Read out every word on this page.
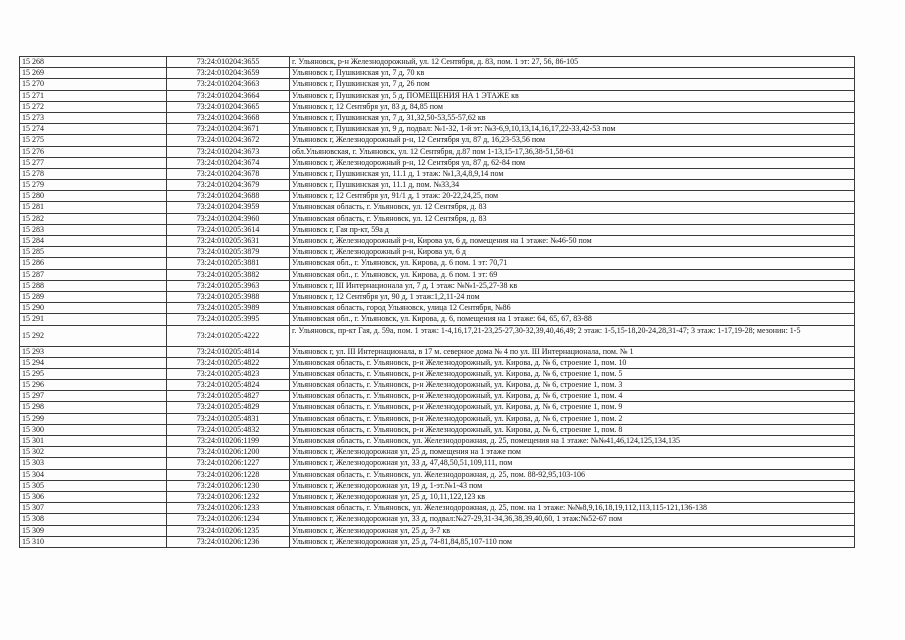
15 268	73:24:010204:3655	г. Ульяновск, р-н Железнодорожный, ул. 12 Сентября, д. 83, пом. 1 эт: 27, 56, 86-105
15 269	73:24:010204:3659	Ульяновск г, Пушкинская ул, 7 д, 70 кв
15 270	73:24:010204:3663	Ульяновск г, Пушкинская ул, 7 д, 26 пом
15 271	73:24:010204:3664	Ульяновск г, Пушкинская ул, 5 д, ПОМЕЩЕНИЯ НА 1 ЭТАЖЕ кв
15 272	73:24:010204:3665	Ульяновск г, 12 Сентября ул, 83 д, 84,85 пом
15 273	73:24:010204:3668	Ульяновск г, Пушкинская ул, 7 д, 31,32,50-53,55-57,62 кв
15 274	73:24:010204:3671	Ульяновск г, Пушкинская ул, 9 д, подвал: №1-32, 1-й эт: №3-6,9,10,13,14,16,17,22-33,42-53 пом
15 275	73:24:010204:3672	Ульяновск г, Железнодорожный р-н, 12 Сентября ул, 87 д, 16,23-53,56 пом
15 276	73:24:010204:3673	обл.Ульяновская, г. Ульяновск, ул. 12 Сентября, д.87 пом 1-13,15-17,36,38-51,58-61
15 277	73:24:010204:3674	Ульяновск г, Железнодорожный р-н, 12 Сентября ул, 87 д, 62-84 пом
15 278	73:24:010204:3678	Ульяновск г, Пушкинская ул, 11.1 д, 1 этаж: №1,3,4,8,9,14 пом
15 279	73:24:010204:3679	Ульяновск г, Пушкинская ул, 11.1 д, пом. №33,34
15 280	73:24:010204:3688	Ульяновск г, 12 Сентября ул, 91/1 д, 1 этаж: 20-22,24,25, пом
15 281	73:24:010204:3959	Ульяновская область, г. Ульяновск, ул. 12 Сентября, д. 83
15 282	73:24:010204:3960	Ульяновская область, г. Ульяновск, ул. 12 Сентября, д. 83
15 283	73:24:010205:3614	Ульяновск г, Гая пр-кт, 59а д
15 284	73:24:010205:3631	Ульяновск г, Железнодорожный р-н, Кирова ул, 6 д, помещения на 1 этаже: №46-50 пом
15 285	73:24:010205:3879	Ульяновск г, Железнодорожный р-н, Кирова ул, 6 д
15 286	73:24:010205:3881	Ульяновская обл., г. Ульяновск, ул. Кирова, д. 6 пом. 1 эт: 70,71
15 287	73:24:010205:3882	Ульяновская обл., г. Ульяновск, ул. Кирова, д. 6 пом. 1 эт: 69
15 288	73:24:010205:3963	Ульяновск г, III Интернационала ул, 7 д, 1 этаж: №№1-25,27-38 кв
15 289	73:24:010205:3988	Ульяновск г, 12 Сентября ул, 90 д, 1 этаж:1,2,11-24 пом
15 290	73:24:010205:3989	Ульяновская область, город Ульяновск, улица 12 Сентября, №86
15 291	73:24:010205:3995	Ульяновская обл., г. Ульяновск, ул. Кирова, д. 6, помещения на 1 этаже: 64, 65, 67, 83-88
15 292	73:24:010205:4222	г. Ульяновск, пр-кт Гая, д. 59а, пом. 1 этаж: 1-4,16,17,21-23,25-27,30-32,39,40,46,49; 2 этаж: 1-5,15-18,20-24,28,31-47; 3 этаж: 1-17,19-28; мезонин: 1-5
15 293	73:24:010205:4814	Ульяновск г, ул. III Интернационала, в 17 м. северное дома № 4 по ул. III Интернационала, пом. № 1
15 294	73:24:010205:4822	Ульяновская область, г. Ульяновск, р-н Железнодорожный, ул. Кирова, д. № 6, строение 1, пом. 10
15 295	73:24:010205:4823	Ульяновская область, г. Ульяновск, р-н Железнодорожный, ул. Кирова, д. № 6, строение 1, пом. 5
15 296	73:24:010205:4824	Ульяновская область, г. Ульяновск, р-н Железнодорожный, ул. Кирова, д. № 6, строение 1, пом. 3
15 297	73:24:010205:4827	Ульяновская область, г. Ульяновск, р-н Железнодорожный, ул. Кирова, д. № 6, строение 1, пом. 4
15 298	73:24:010205:4829	Ульяновская область, г. Ульяновск, р-н Железнодорожный, ул. Кирова, д. № 6, строение 1, пом. 9
15 299	73:24:010205:4831	Ульяновская область, г. Ульяновск, р-н Железнодорожный, ул. Кирова, д. № 6, строение 1, пом. 2
15 300	73:24:010205:4832	Ульяновская область, г. Ульяновск, р-н Железнодорожный, ул. Кирова, д. № 6, строение 1, пом. 8
15 301	73:24:010206:1199	Ульяновская область, г. Ульяновск, ул. Железнодорожная, д. 25, помещения на 1 этаже: №№41,46,124,125,134,135
15 302	73:24:010206:1200	Ульяновск г, Железнодорожная ул, 25 д, помещения на 1 этаже пом
15 303	73:24:010206:1227	Ульяновск г, Железнодорожная ул, 33 д, 47,48,50,51,109,111, пом
15 304	73:24:010206:1228	Ульяновская область, г. Ульяновск, ул. Железнодорожная, д. 25, пом. 88-92,95,103-106
15 305	73:24:010206:1230	Ульяновск г, Железнодорожная ул, 19 д, 1-эт.№1-43 пом
15 306	73:24:010206:1232	Ульяновск г, Железнодорожная ул, 25 д, 10,11,122,123 кв
15 307	73:24:010206:1233	Ульяновская область, г. Ульяновск, ул. Железнодорожная, д. 25, пом. на 1 этаже: №№8,9,16,18,19,112,113,115-121,136-138
15 308	73:24:010206:1234	Ульяновск г, Железнодорожная ул, 33 д, подвал:№27-29,31-34,36,38,39,40,60, 1 этаж:№52-67 пом
15 309	73:24:010206:1235	Ульяновск г, Железнодорожная ул, 25 д, 3-7 кв
15 310	73:24:010206:1236	Ульяновск г, Железнодорожная ул, 25 д, 74-81,84,85,107-110 пом
